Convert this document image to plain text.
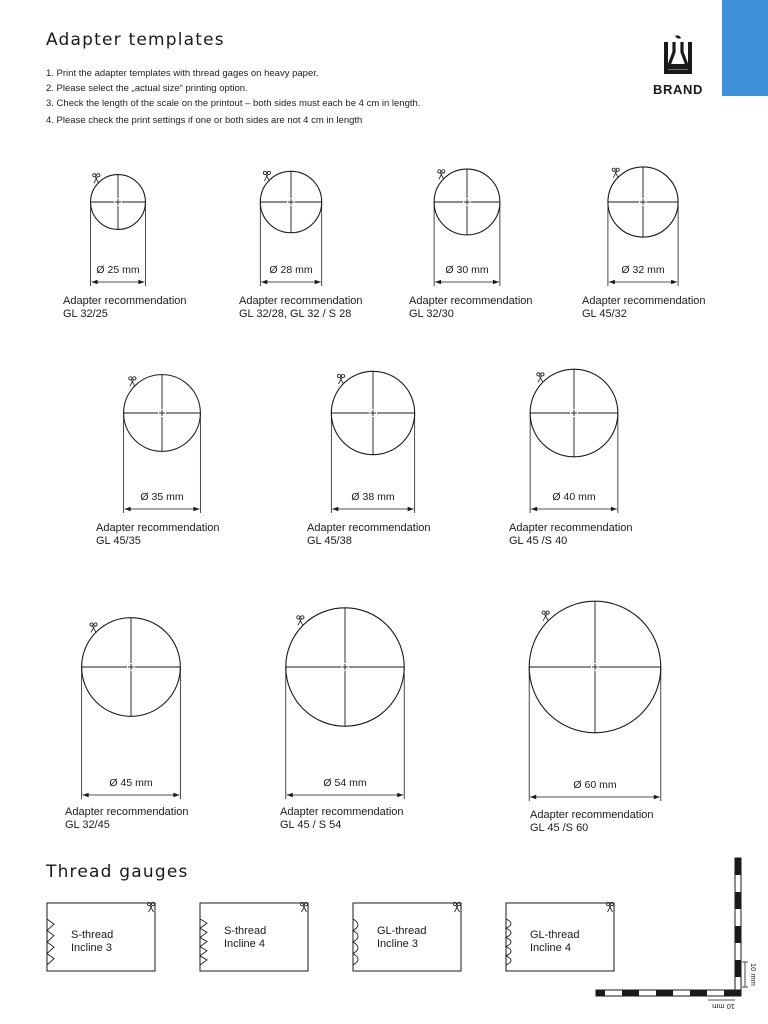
Adapter templates
1. Print the adapter templates with thread gages on heavy paper.
2. Please select the „actual size“ printing option.
3. Check the length of the scale on the printout – both sides must each be 4 cm in length.
4. Please check the print settings if one or both sides are not 4 cm in length
BRAND
Ø 25 mm	Ø 28 mm	Ø 30 mm	Ø 32 mm
Ø 35 mm	Ø 38 mm	Ø 40 mm
Ø 45 mm	Ø 54 mm	Ø 60 mm
Adapter recommendation
GL 32/25
Adapter recommendation
GL 32/28, GL 32 / S 28
Adapter recommendation
GL 32/30
Adapter recommendation
GL 45/32
Adapter recommendation
GL 45/35
Adapter recommendation
GL 45/38
Adapter recommendation
GL 45 /S 40
Adapter recommendation
GL 32/45
Adapter recommendation
GL 45 / S 54
Adapter recommendation
GL 45 /S 60
Thread gauges
S-thread
Incline 3
S-thread
Incline 4
GL-thread
Incline 3
GL-thread
Incline 4
10 mm
10 mm
